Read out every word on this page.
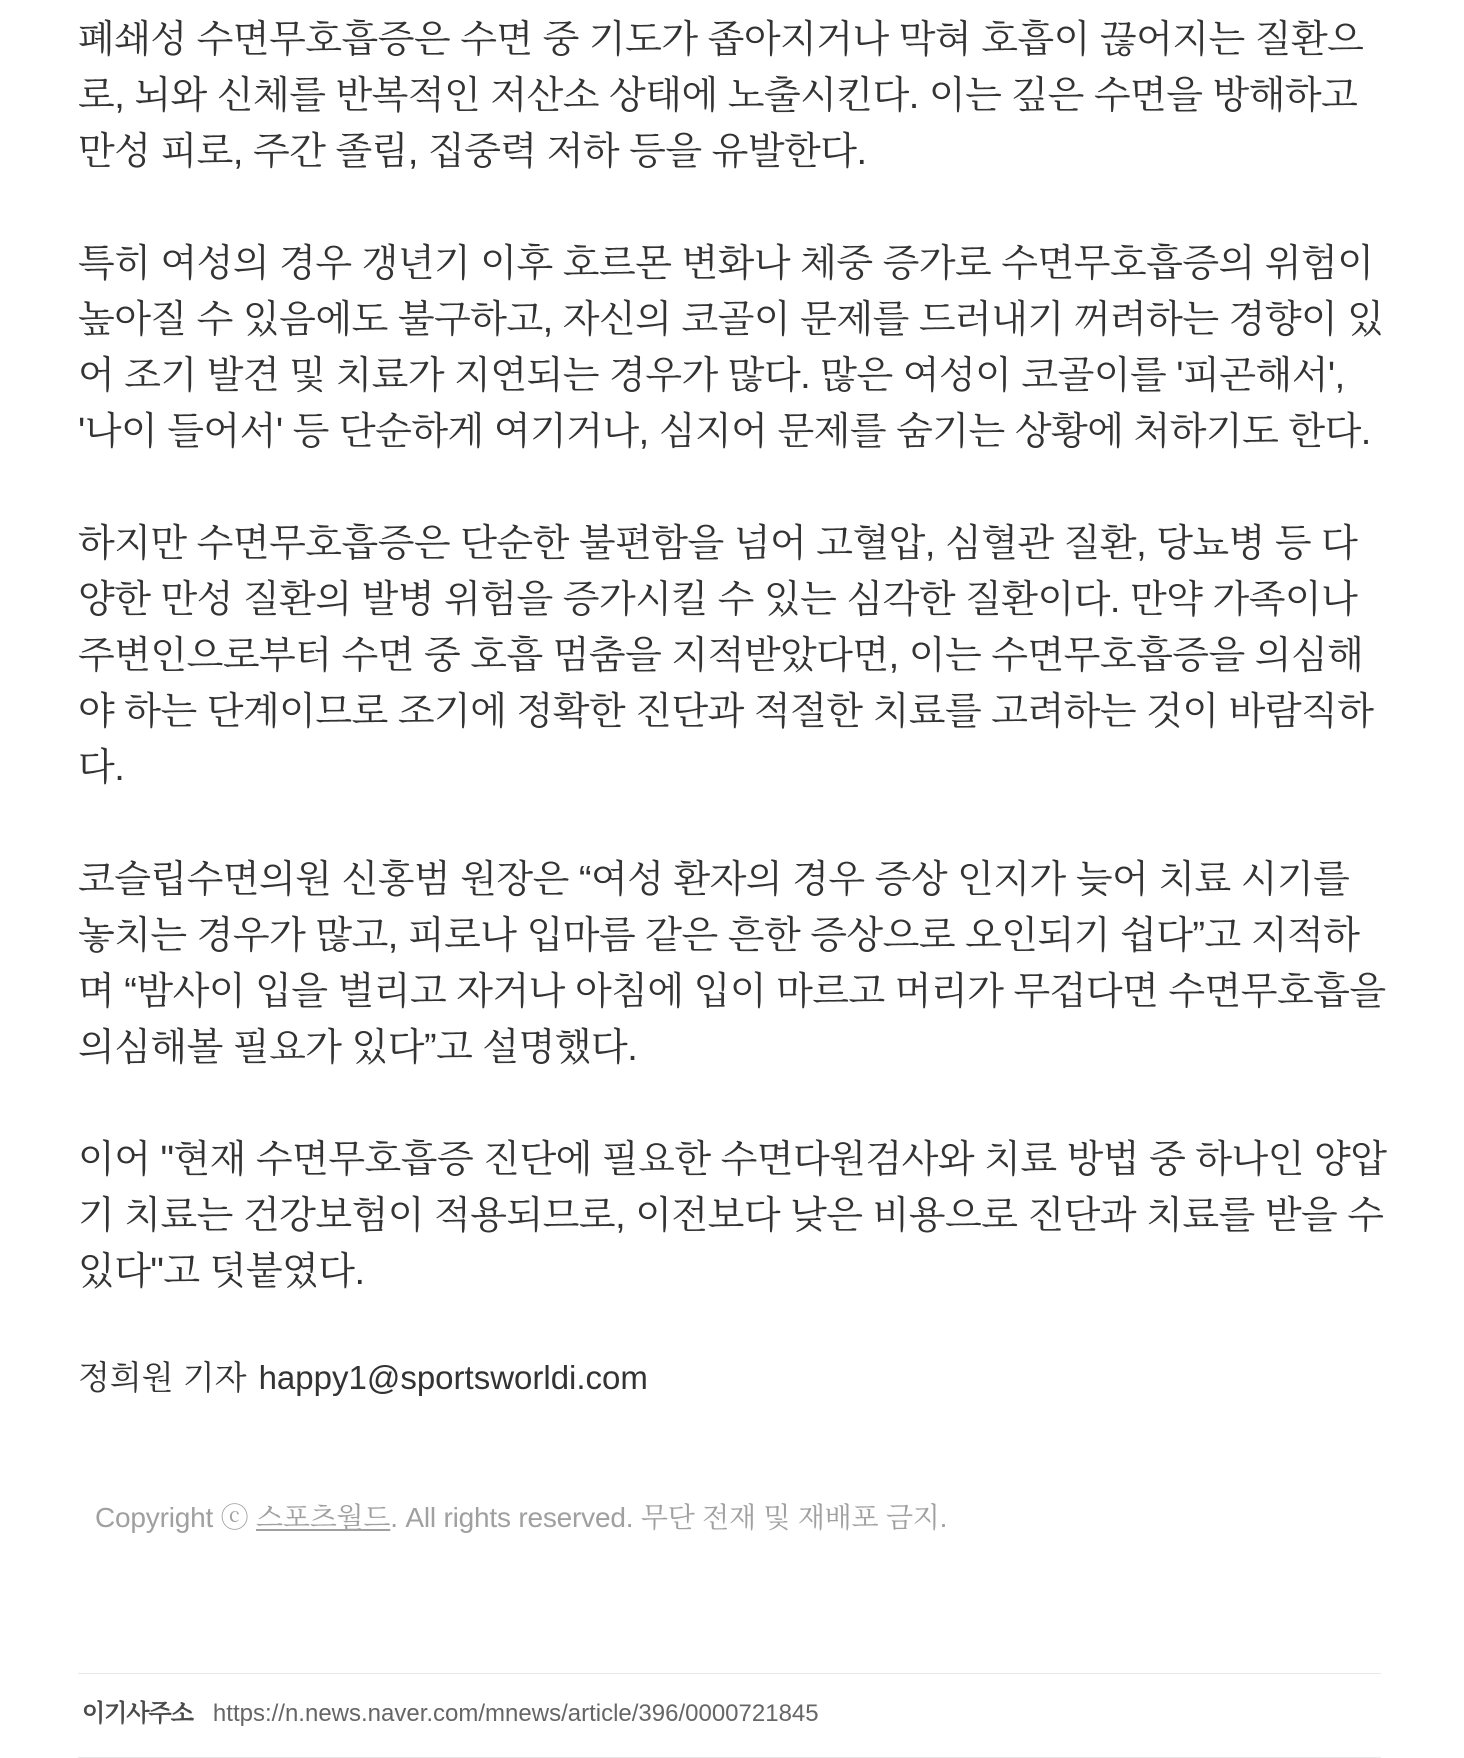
폐쇄성 수면무호흡증은 수면 중 기도가 좁아지거나 막혀 호흡이 끊어지는 질환으로, 뇌와 신체를 반복적인 저산소 상태에 노출시킨다. 이는 깊은 수면을 방해하고 만성 피로, 주간 졸림, 집중력 저하 등을 유발한다.

특히 여성의 경우 갱년기 이후 호르몬 변화나 체중 증가로 수면무호흡증의 위험이 높아질 수 있음에도 불구하고, 자신의 코골이 문제를 드러내기 꺼려하는 경향이 있어 조기 발견 및 치료가 지연되는 경우가 많다. 많은 여성이 코골이를 '피곤해서', '나이 들어서' 등 단순하게 여기거나, 심지어 문제를 숨기는 상황에 처하기도 한다.

하지만 수면무호흡증은 단순한 불편함을 넘어 고혈압, 심혈관 질환, 당뇨병 등 다양한 만성 질환의 발병 위험을 증가시킬 수 있는 심각한 질환이다. 만약 가족이나 주변인으로부터 수면 중 호흡 멈춤을 지적받았다면, 이는 수면무호흡증을 의심해야 하는 단계이므로 조기에 정확한 진단과 적절한 치료를 고려하는 것이 바람직하다.

코슬립수면의원 신홍범 원장은 “여성 환자의 경우 증상 인지가 늦어 치료 시기를 놓치는 경우가 많고, 피로나 입마름 같은 흔한 증상으로 오인되기 쉽다”고 지적하며 “밤사이 입을 벌리고 자거나 아침에 입이 마르고 머리가 무겁다면 수면무호흡을 의심해볼 필요가 있다”고 설명했다.

이어 "현재 수면무호흡증 진단에 필요한 수면다원검사와 치료 방법 중 하나인 양압기 치료는 건강보험이 적용되므로, 이전보다 낮은 비용으로 진단과 치료를 받을 수 있다"고 덧붙였다.

정희원 기자 happy1@sportsworldi.com

Copyright ⓒ 스포츠월드. All rights reserved. 무단 전재 및 재배포 금지.

이기사주소 https://n.news.naver.com/mnews/article/396/0000721845
